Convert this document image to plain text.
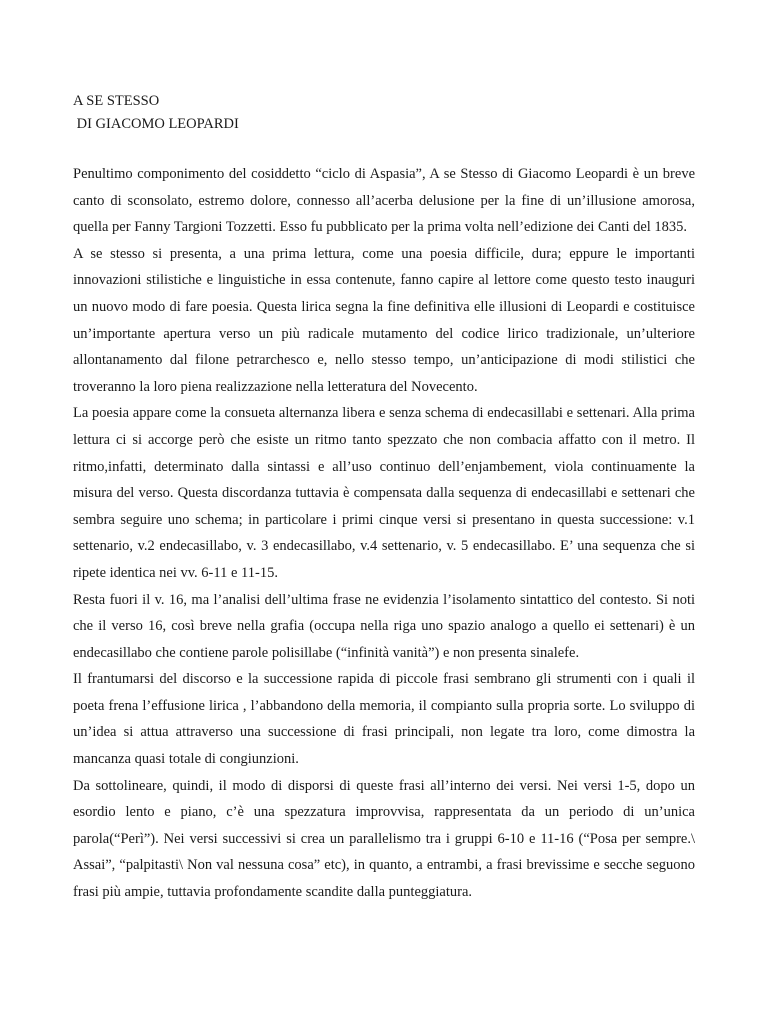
A SE STESSO
DI GIACOMO LEOPARDI

Penultimo componimento del cosiddetto “ciclo di Aspasia”, A se Stesso di Giacomo Leopardi è un breve canto di sconsolato, estremo dolore, connesso all’acerba delusione per la fine di un’illusione amorosa, quella per Fanny Targioni Tozzetti. Esso fu pubblicato per la prima volta nell’edizione dei Canti del 1835.

A se stesso si presenta, a una prima lettura, come una poesia difficile, dura; eppure le importanti innovazioni stilistiche e linguistiche in essa contenute, fanno capire al lettore come questo testo inauguri un nuovo modo di fare poesia. Questa lirica segna la fine definitiva elle illusioni di Leopardi e costituisce un’importante apertura verso un più radicale mutamento del codice lirico tradizionale, un’ulteriore allontanamento dal filone petrarchesco e, nello stesso tempo, un’anticipazione di modi stilistici che troveranno la loro piena realizzazione nella letteratura del Novecento.

La poesia appare come la consueta alternanza libera e senza schema di endecasillabi e settenari. Alla prima lettura ci si accorge però che esiste un ritmo tanto spezzato che non combacia affatto con il metro. Il ritmo,infatti, determinato dalla sintassi e all’uso continuo dell’enjambement, viola continuamente la misura del verso. Questa discordanza tuttavia è compensata dalla sequenza di endecasillabi e settenari che sembra seguire uno schema; in particolare i primi cinque versi si presentano in questa successione: v.1 settenario, v.2 endecasillabo, v. 3 endecasillabo, v.4 settenario, v. 5 endecasillabo. E’ una sequenza che si ripete identica nei vv. 6-11 e 11-15.

Resta fuori il v. 16, ma l’analisi dell’ultima frase ne evidenzia l’isolamento sintattico del contesto. Si noti che il verso 16, così breve nella grafia (occupa nella riga uno spazio analogo a quello ei settenari) è un endecasillabo che contiene parole polisillabe (“infinità vanità”) e non presenta sinalefe.

Il frantumarsi del discorso e la successione rapida di piccole frasi sembrano gli strumenti con i quali il poeta frena l’effusione lirica , l’abbandono della memoria, il compianto sulla propria sorte. Lo sviluppo di un’idea si attua attraverso una successione di frasi principali, non legate tra loro, come dimostra la mancanza quasi totale di congiunzioni.

Da sottolineare, quindi, il modo di disporsi di queste frasi all’interno dei versi. Nei versi 1-5, dopo un esordio lento e piano, c’è una spezzatura improvvisa, rappresentata da un periodo di un’unica parola(“Perì”). Nei versi successivi si crea un parallelismo tra i gruppi 6-10 e 11-16 (“Posa per sempre.\ Assai”, “palpitasti\ Non val nessuna cosa” etc), in quanto, a entrambi, a frasi brevissime e secche seguono frasi più ampie, tuttavia profondamente scandite dalla punteggiatura.
